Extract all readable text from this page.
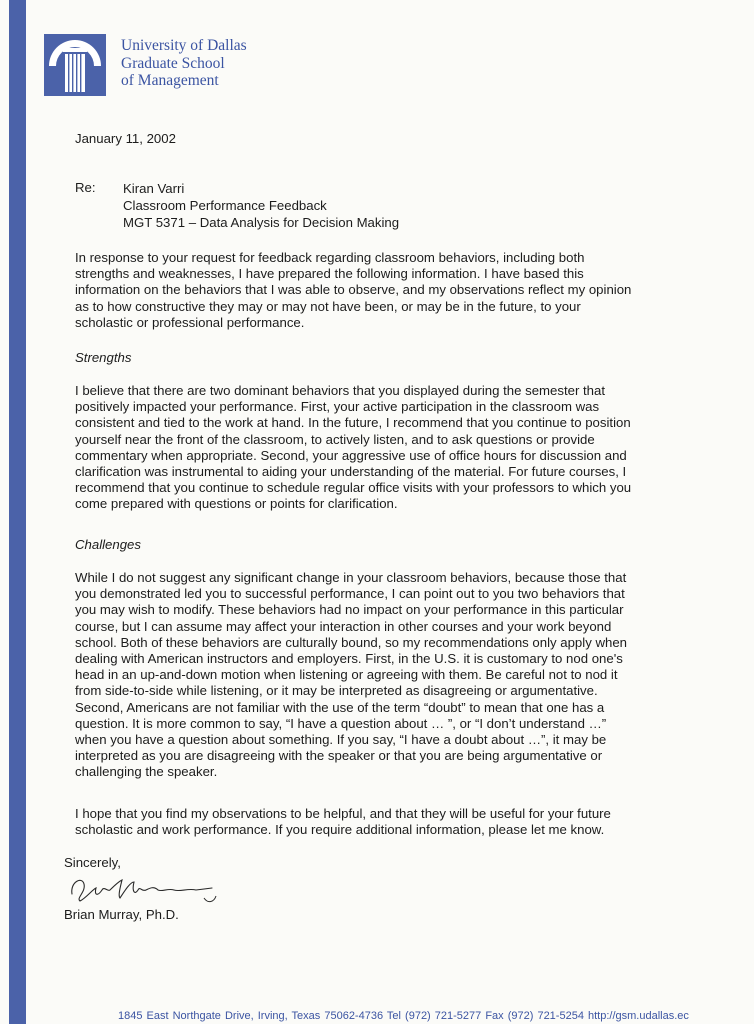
University of Dallas
Graduate School
of Management
January 11, 2002
Re: Kiran Varri
Classroom Performance Feedback
MGT 5371 – Data Analysis for Decision Making
In response to your request for feedback regarding classroom behaviors, including both
strengths and weaknesses, I have prepared the following information. I have based this
information on the behaviors that I was able to observe, and my observations reflect my opinion
as to how constructive they may or may not have been, or may be in the future, to your
scholastic or professional performance.
Strengths
I believe that there are two dominant behaviors that you displayed during the semester that
positively impacted your performance. First, your active participation in the classroom was
consistent and tied to the work at hand. In the future, I recommend that you continue to position
yourself near the front of the classroom, to actively listen, and to ask questions or provide
commentary when appropriate. Second, your aggressive use of office hours for discussion and
clarification was instrumental to aiding your understanding of the material. For future courses, I
recommend that you continue to schedule regular office visits with your professors to which you
come prepared with questions or points for clarification.
Challenges
While I do not suggest any significant change in your classroom behaviors, because those that
you demonstrated led you to successful performance, I can point out to you two behaviors that
you may wish to modify. These behaviors had no impact on your performance in this particular
course, but I can assume may affect your interaction in other courses and your work beyond
school. Both of these behaviors are culturally bound, so my recommendations only apply when
dealing with American instructors and employers. First, in the U.S. it is customary to nod one's
head in an up-and-down motion when listening or agreeing with them. Be careful not to nod it
from side-to-side while listening, or it may be interpreted as disagreeing or argumentative.
Second, Americans are not familiar with the use of the term “doubt” to mean that one has a
question. It is more common to say, “I have a question about … ”, or “I don’t understand …”
when you have a question about something. If you say, “I have a doubt about …”, it may be
interpreted as you are disagreeing with the speaker or that you are being argumentative or
challenging the speaker.
I hope that you find my observations to be helpful, and that they will be useful for your future
scholastic and work performance. If you require additional information, please let me know.
Sincerely,
Brian Murray, Ph.D.
1845 East Northgate Drive, Irving, Texas 75062-4736 Tel (972) 721-5277 Fax (972) 721-5254 http://gsm.udallas.ec
